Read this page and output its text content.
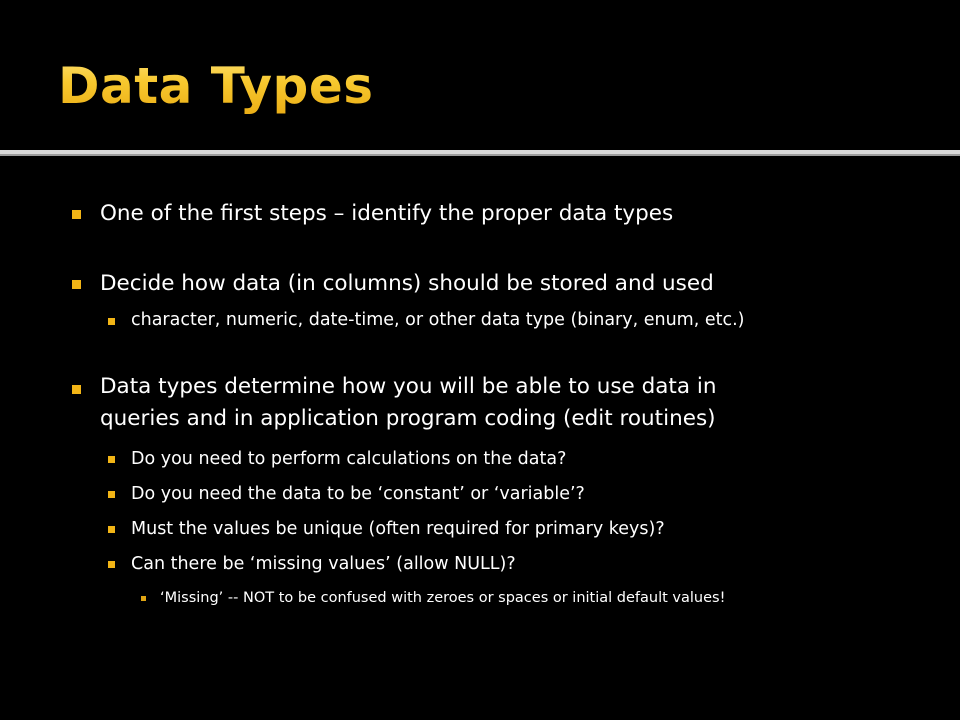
Data Types
One of the first steps – identify the proper data types
Decide how data (in columns) should be stored and used
character, numeric, date-time, or other data type (binary, enum, etc.)
Data types determine how you will be able to use data in
queries and in application program coding (edit routines)
Do you need to perform calculations on the data?
Do you need the data to be ‘constant’ or ‘variable’?
Must the values be unique (often required for primary keys)?
Can there be ‘missing values’ (allow NULL)?
‘Missing’ -- NOT to be confused with zeroes or spaces or initial default values!
